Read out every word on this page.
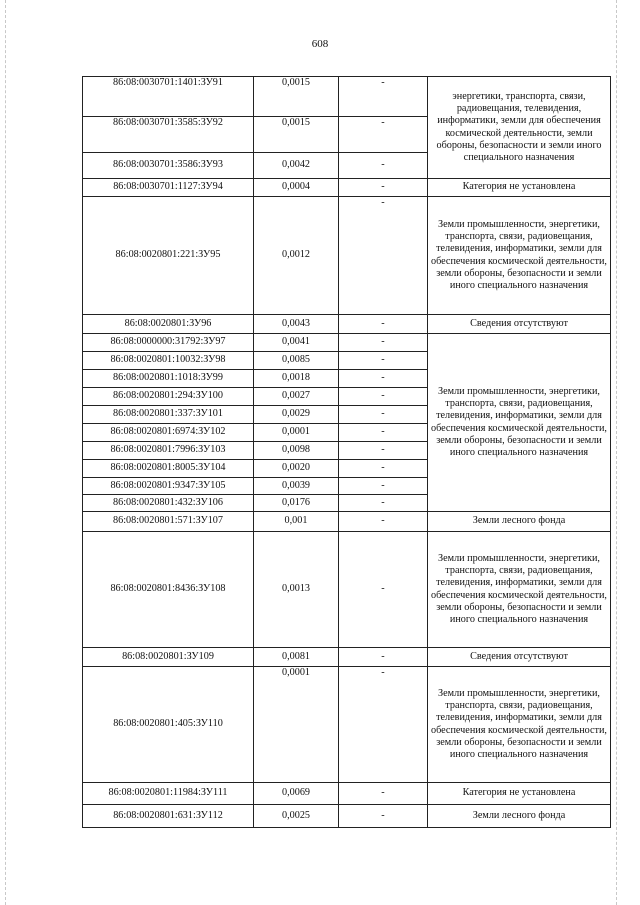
608
86:08:0030701:1401:ЗУ91	0,0015	-	энергетики, транспорта, связи, радиовещания, телевидения, информатики, земли для обеспечения космической деятельности, земли обороны, безопасности и земли иного специального назначения
86:08:0030701:3585:ЗУ92	0,0015	-	
86:08:0030701:3586:ЗУ93	0,0042	-	
86:08:0030701:1127:ЗУ94	0,0004	-	Категория не установлена
86:08:0020801:221:ЗУ95	0,0012	-	Земли промышленности, энергетики, транспорта, связи, радиовещания, телевидения, информатики, земли для обеспечения космической деятельности, земли обороны, безопасности и земли иного специального назначения
86:08:0020801:ЗУ96	0,0043	-	Сведения отсутствуют
86:08:0000000:31792:ЗУ97	0,0041	-	Земли промышленности, энергетики, транспорта, связи, радиовещания, телевидения, информатики, земли для обеспечения космической деятельности, земли обороны, безопасности и земли иного специального назначения
86:08:0020801:10032:ЗУ98	0,0085	-	
86:08:0020801:1018:ЗУ99	0,0018	-	
86:08:0020801:294:ЗУ100	0,0027	-	
86:08:0020801:337:ЗУ101	0,0029	-	
86:08:0020801:6974:ЗУ102	0,0001	-	
86:08:0020801:7996:ЗУ103	0,0098	-	
86:08:0020801:8005:ЗУ104	0,0020	-	
86:08:0020801:9347:ЗУ105	0,0039	-	
86:08:0020801:432:ЗУ106	0,0176	-	
86:08:0020801:571:ЗУ107	0,001	-	Земли лесного фонда
86:08:0020801:8436:ЗУ108	0,0013	-	Земли промышленности, энергетики, транспорта, связи, радиовещания, телевидения, информатики, земли для обеспечения космической деятельности, земли обороны, безопасности и земли иного специального назначения
86:08:0020801:ЗУ109	0,0081	-	Сведения отсутствуют
86:08:0020801:405:ЗУ110	0,0001	-	Земли промышленности, энергетики, транспорта, связи, радиовещания, телевидения, информатики, земли для обеспечения космической деятельности, земли обороны, безопасности и земли иного специального назначения
86:08:0020801:11984:ЗУ111	0,0069	-	Категория не установлена
86:08:0020801:631:ЗУ112	0,0025	-	Земли лесного фонда
